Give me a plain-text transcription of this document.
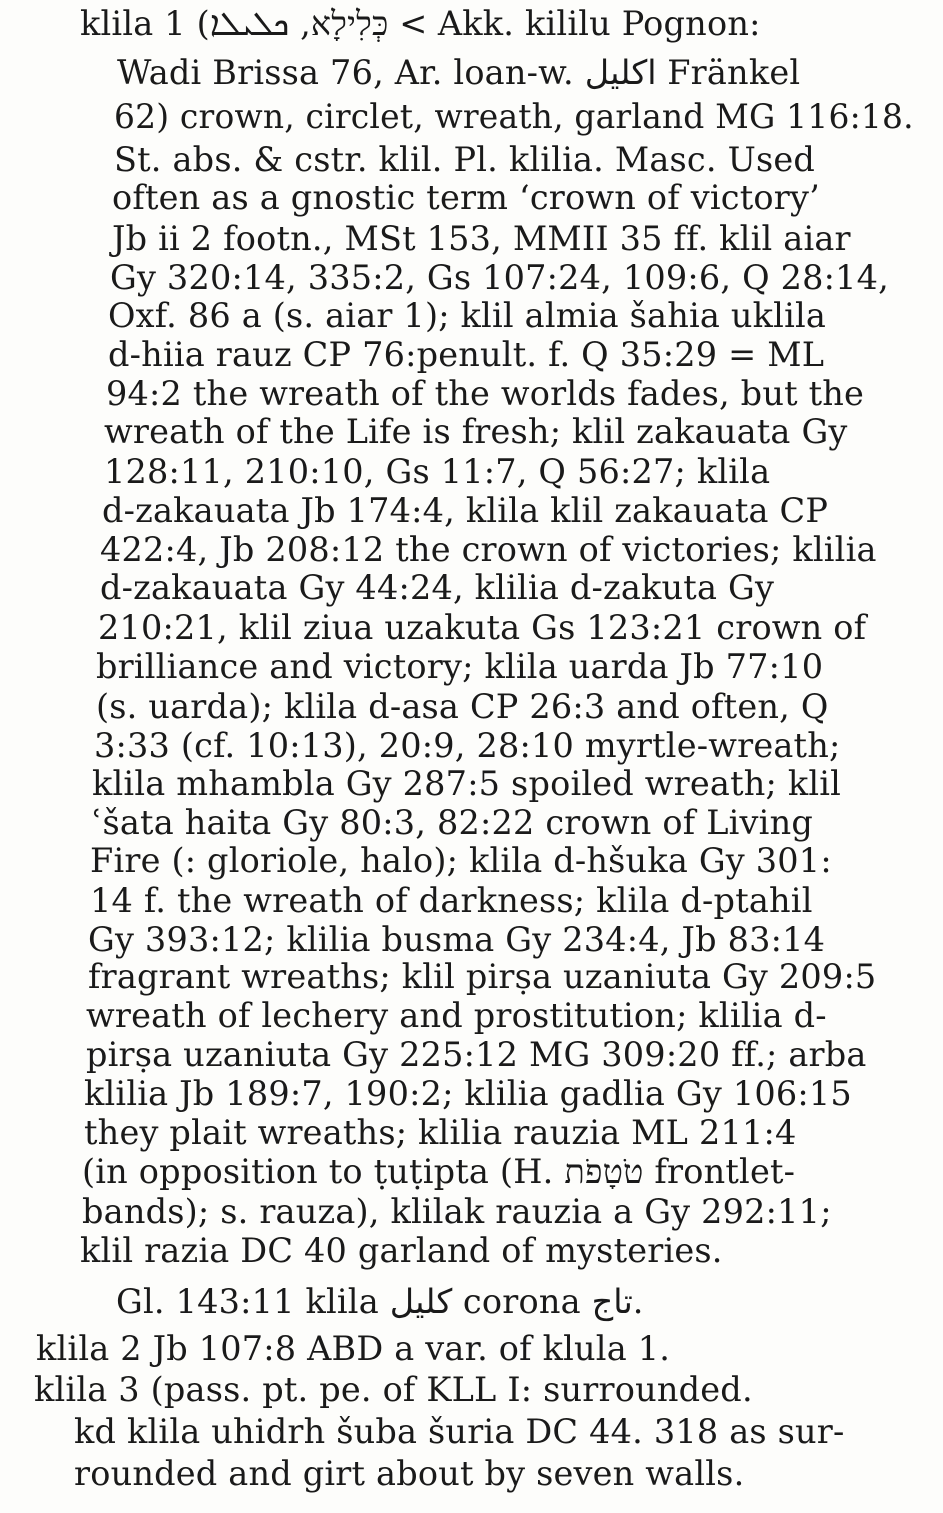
klila 1 (כְּלִילָא, ܟܠܝܠܐ < Akk. kililu Pognon:
Wadi Brissa 76, Ar. loan-w. اكليل Fränkel
62) crown, circlet, wreath, garland MG 116:18.
St. abs. & cstr. klil. Pl. klilia. Masc. Used
often as a gnostic term ‘crown of victory’
Jb ii 2 footn., MSt 153, MMII 35 ff. klil aiar
Gy 320:14, 335:2, Gs 107:24, 109:6, Q 28:14,
Oxf. 86 a (s. aiar 1); klil almia šahia uklila
d-hiia rauz CP 76:penult. f. Q 35:29 = ML
94:2 the wreath of the worlds fades, but the
wreath of the Life is fresh; klil zakauata Gy
128:11, 210:10, Gs 11:7, Q 56:27; klila
d-zakauata Jb 174:4, klila klil zakauata CP
422:4, Jb 208:12 the crown of victories; klilia
d-zakauata Gy 44:24, klilia d-zakuta Gy
210:21, klil ziua uzakuta Gs 123:21 crown of
brilliance and victory; klila uarda Jb 77:10
(s. uarda); klila d-asa CP 26:3 and often, Q
3:33 (cf. 10:13), 20:9, 28:10 myrtle-wreath;
klila mhambla Gy 287:5 spoiled wreath; klil
ʿšata haita Gy 80:3, 82:22 crown of Living
Fire (: gloriole, halo); klila d-hšuka Gy 301:
14 f. the wreath of darkness; klila d-ptahil
Gy 393:12; klilia busma Gy 234:4, Jb 83:14
fragrant wreaths; klil pirṣa uzaniuta Gy 209:5
wreath of lechery and prostitution; klilia d-
pirṣa uzaniuta Gy 225:12 MG 309:20 ff.; arba
klilia Jb 189:7, 190:2; klilia gadlia Gy 106:15
they plait wreaths; klilia rauzia ML 211:4
(in opposition to ṭuṭipta (H. טֹטָפֹת frontlet-
bands); s. rauza), klilak rauzia a Gy 292:11;
klil razia DC 40 garland of mysteries.
Gl. 143:11 klila كليل corona تاج.
klila 2 Jb 107:8 ABD a var. of klula 1.
klila 3 (pass. pt. pe. of KLL I: surrounded.
kd klila uhidrh šuba šuria DC 44. 318 as sur-
rounded and girt about by seven walls.
